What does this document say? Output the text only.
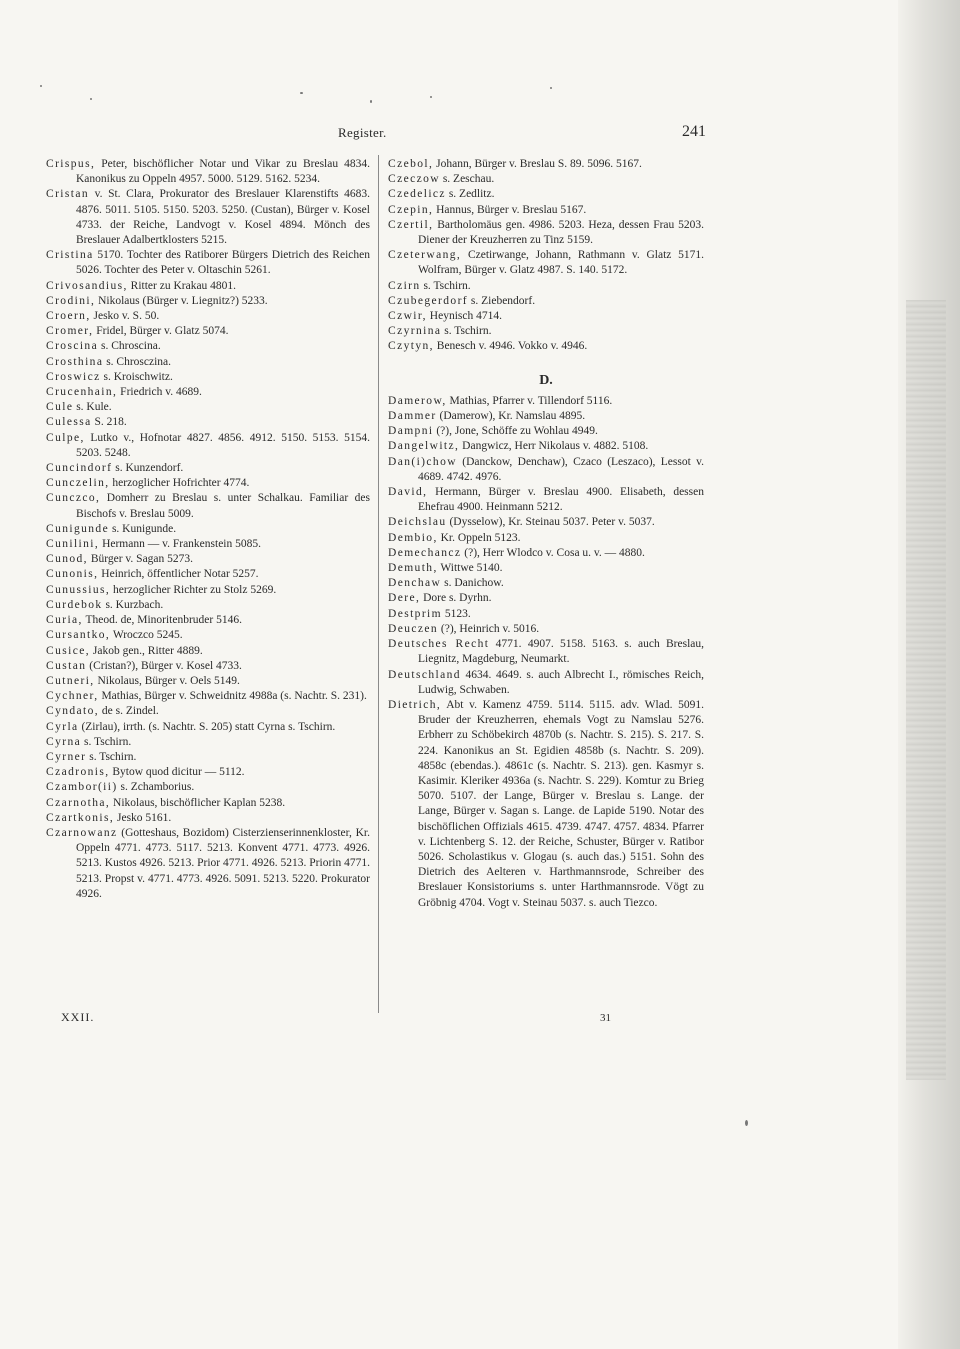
Register.	241

Crispus, Peter, bischöflicher Notar und Vikar zu Breslau 4834. Kanonikus zu Oppeln 4957. 5000. 5129. 5162. 5234.

Cristan v. St. Clara, Prokurator des Breslauer Klarenstifts 4683. 4876. 5011. 5105. 5150. 5203. 5250. (Custan), Bürger v. Kosel 4733. der Reiche, Landvogt v. Kosel 4894. Mönch des Breslauer Adalbertklosters 5215.

Cristina 5170. Tochter des Ratiborer Bürgers Dietrich des Reichen 5026. Tochter des Peter v. Oltaschin 5261.

Crivosandius, Ritter zu Krakau 4801.

Crodini, Nikolaus (Bürger v. Liegnitz?) 5233.

Croern, Jesko v. S. 50.

Cromer, Fridel, Bürger v. Glatz 5074.

Croscina s. Chroscina.

Crosthina s. Chrosczina.

Croswicz s. Kroischwitz.

Crucenhain, Friedrich v. 4689.

Cule s. Kule.

Culessa S. 218.

Culpe, Lutko v., Hofnotar 4827. 4856. 4912. 5150. 5153. 5154. 5203. 5248.

Cuncindorf s. Kunzendorf.

Cunczelin, herzoglicher Hofrichter 4774.

Cunczco, Domherr zu Breslau s. unter Schalkau. Familiar des Bischofs v. Breslau 5009.

Cunigunde s. Kunigunde.

Cunilini, Hermann — v. Frankenstein 5085.

Cunod, Bürger v. Sagan 5273.

Cunonis, Heinrich, öffentlicher Notar 5257.

Cunussius, herzoglicher Richter zu Stolz 5269.

Curdebok s. Kurzbach.

Curia, Theod. de, Minoritenbruder 5146.

Cursantko, Wroczco 5245.

Cusice, Jakob gen., Ritter 4889.

Custan (Cristan?), Bürger v. Kosel 4733.

Cutneri, Nikolaus, Bürger v. Oels 5149.

Cychner, Mathias, Bürger v. Schweidnitz 4988a (s. Nachtr. S. 231).

Cyndato, de s. Zindel.

Cyrla (Zirlau), irrth. (s. Nachtr. S. 205) statt Cyrna s. Tschirn.

Cyrna s. Tschirn.

Cyrner s. Tschirn.

Czadronis, Bytow quod dicitur — 5112.

Czambor(ii) s. Zchamborius.

Czarnotha, Nikolaus, bischöflicher Kaplan 5238.

Czartkonis, Jesko 5161.

Czarnowanz (Gotteshaus, Bozidom) Cisterzienserinnenkloster, Kr. Oppeln 4771. 4773. 5117. 5213. Konvent 4771. 4773. 4926. 5213. Kustos 4926. 5213. Prior 4771. 4926. 5213. Priorin 4771. 5213. Propst v. 4771. 4773. 4926. 5091. 5213. 5220. Prokurator 4926.

Czebol, Johann, Bürger v. Breslau S. 89. 5096. 5167.

Czeczow s. Zeschau.

Czedelicz s. Zedlitz.

Czepin, Hannus, Bürger v. Breslau 5167.

Czertil, Bartholomäus gen. 4986. 5203. Heza, dessen Frau 5203. Diener der Kreuzherren zu Tinz 5159.

Czeterwang, Czetirwange, Johann, Rathmann v. Glatz 5171. Wolfram, Bürger v. Glatz 4987. S. 140. 5172.

Czirn s. Tschirn.

Czubegerdorf s. Ziebendorf.

Czwir, Heynisch 4714.

Czyrnina s. Tschirn.

Czytyn, Benesch v. 4946. Vokko v. 4946.

D.

Damerow, Mathias, Pfarrer v. Tillendorf 5116.

Dammer (Damerow), Kr. Namslau 4895.

Dampni (?), Jone, Schöffe zu Wohlau 4949.

Dangelwitz, Dangwicz, Herr Nikolaus v. 4882. 5108.

Dan(i)chow (Danckow, Denchaw), Czaco (Leszaco), Lessot v. 4689. 4742. 4976.

David, Hermann, Bürger v. Breslau 4900. Elisabeth, dessen Ehefrau 4900. Heinmann 5212.

Deichslau (Dysselow), Kr. Steinau 5037. Peter v. 5037.

Dembio, Kr. Oppeln 5123.

Demechancz (?), Herr Wlodco v. Cosa u. v. — 4880.

Demuth, Wittwe 5140.

Denchaw s. Danichow.

Dere, Dore s. Dyrhn.

Destprim 5123.

Deuczen (?), Heinrich v. 5016.

Deutsches Recht 4771. 4907. 5158. 5163. s. auch Breslau, Liegnitz, Magdeburg, Neumarkt.

Deutschland 4634. 4649. s. auch Albrecht I., römisches Reich, Ludwig, Schwaben.

Dietrich, Abt v. Kamenz 4759. 5114. 5115. adv. Wlad. 5091. Bruder der Kreuzherren, ehemals Vogt zu Namslau 5276. Erbherr zu Schöbekirch 4870b (s. Nachtr. S. 215). S. 217. S. 224. Kanonikus an St. Egidien 4858b (s. Nachtr. S. 209). 4858c (ebendas.). 4861c (s. Nachtr. S. 213). gen. Kasmyr s. Kasimir. Kleriker 4936a (s. Nachtr. S. 229). Komtur zu Brieg 5070. 5107. der Lange, Bürger v. Breslau s. Lange. der Lange, Bürger v. Sagan s. Lange. de Lapide 5190. Notar des bischöflichen Offizials 4615. 4739. 4747. 4757. 4834. Pfarrer v. Lichtenberg S. 12. der Reiche, Schuster, Bürger v. Ratibor 5026. Scholastikus v. Glogau (s. auch das.) 5151. Sohn des Dietrich des Aelteren v. Harthmannsrode, Schreiber des Breslauer Konsistoriums s. unter Harthmannsrode. Vögt zu Gröbnig 4704. Vogt v. Steinau 5037. s. auch Tiezco.

XXII.	31
